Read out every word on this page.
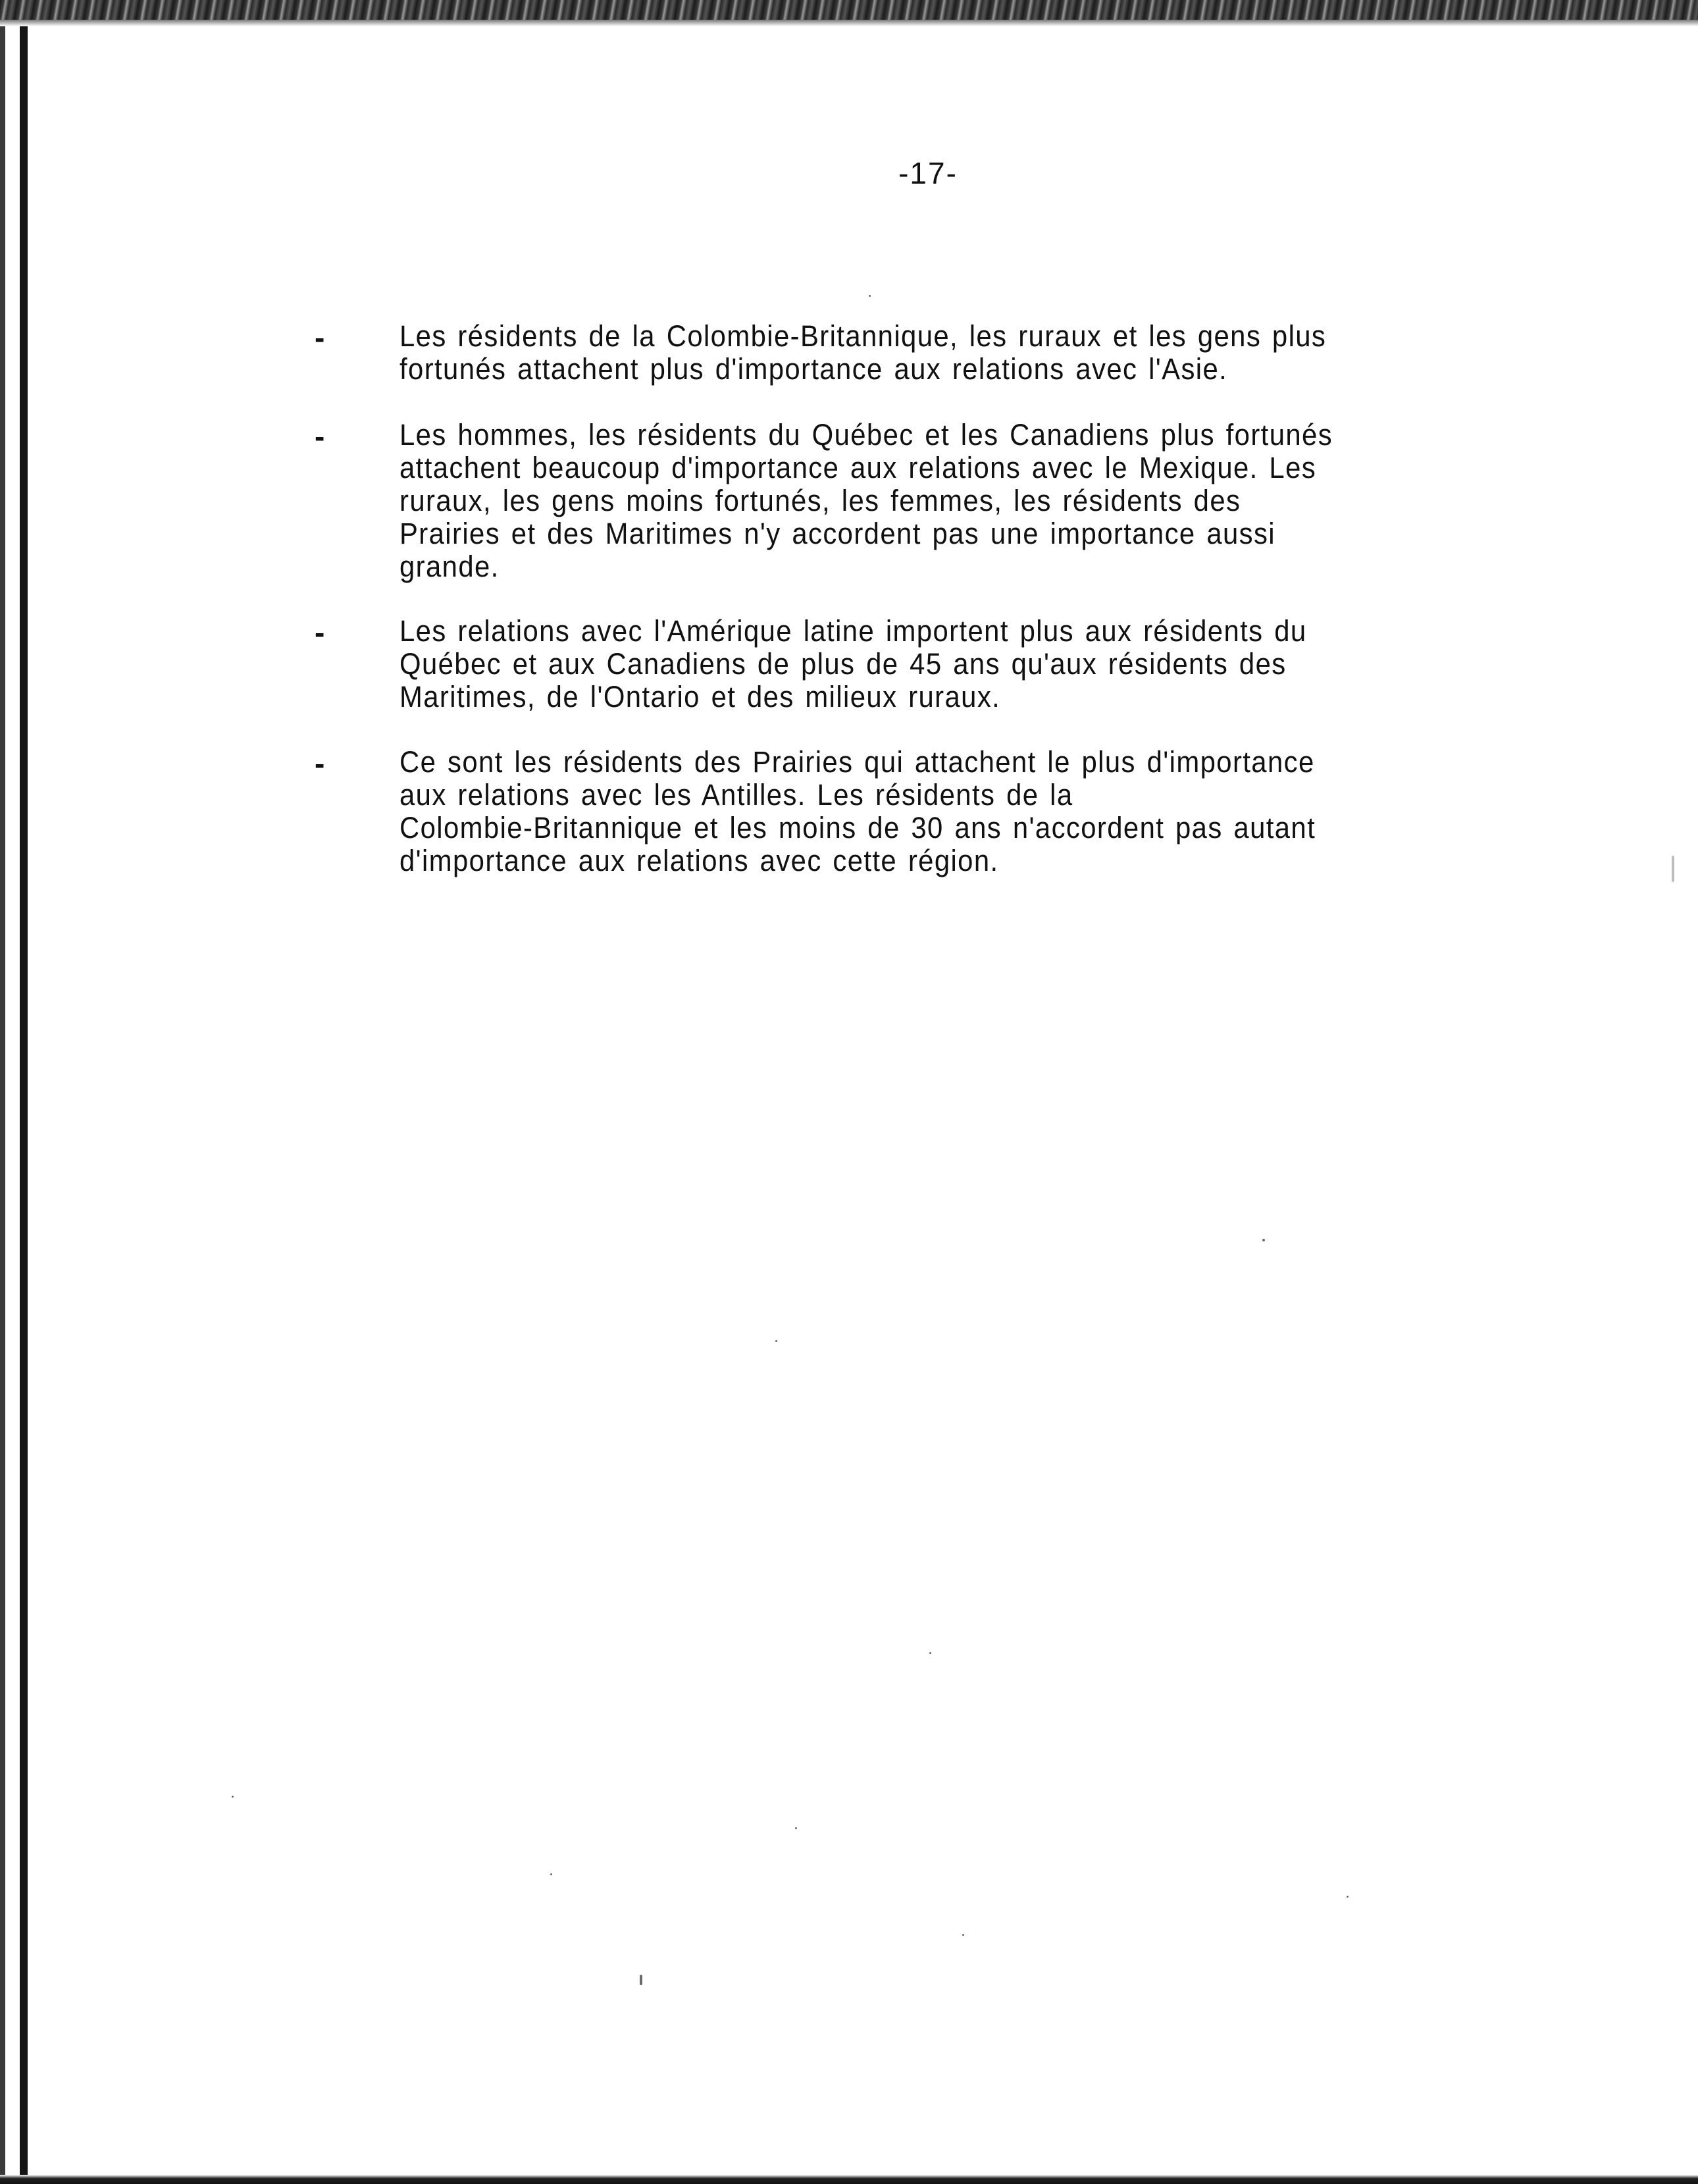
-17-
-	Les résidents de la Colombie-Britannique, les ruraux et les gens plus
fortunés attachent plus d'importance aux relations avec l'Asie.
-	Les hommes, les résidents du Québec et les Canadiens plus fortunés
attachent beaucoup d'importance aux relations avec le Mexique. Les
ruraux, les gens moins fortunés, les femmes, les résidents des
Prairies et des Maritimes n'y accordent pas une importance aussi
grande.
-	Les relations avec l'Amérique latine importent plus aux résidents du
Québec et aux Canadiens de plus de 45 ans qu'aux résidents des
Maritimes, de l'Ontario et des milieux ruraux.
-	Ce sont les résidents des Prairies qui attachent le plus d'importance
aux relations avec les Antilles. Les résidents de la
Colombie-Britannique et les moins de 30 ans n'accordent pas autant
d'importance aux relations avec cette région.
